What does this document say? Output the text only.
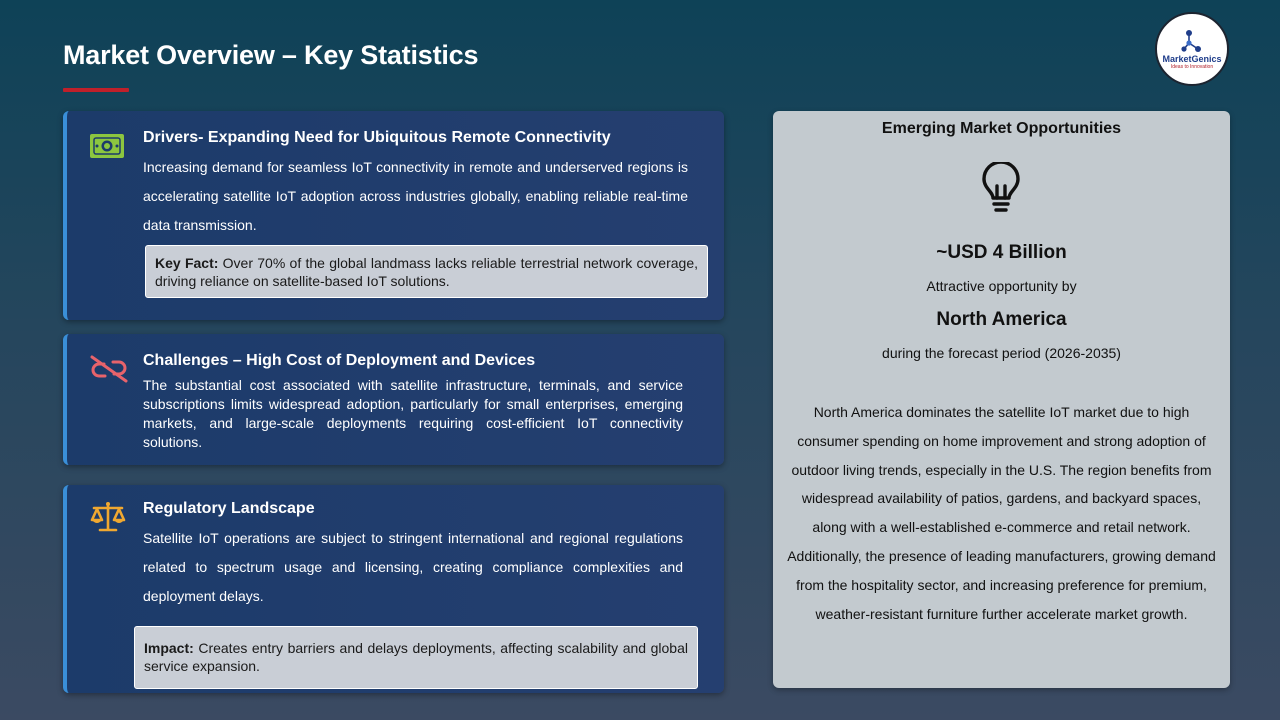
Market Overview – Key Statistics	MarketGenics
Ideas to Innovation
Drivers- Expanding Need for Ubiquitous Remote Connectivity
Increasing demand for seamless IoT connectivity in remote and underserved regions is accelerating satellite IoT adoption across industries globally, enabling reliable real-time data transmission.
Key Fact: Over 70% of the global landmass lacks reliable terrestrial network coverage, driving reliance on satellite-based IoT solutions.
Challenges – High Cost of Deployment and Devices
The substantial cost associated with satellite infrastructure, terminals, and service subscriptions limits widespread adoption, particularly for small enterprises, emerging markets, and large-scale deployments requiring cost-efficient IoT connectivity solutions.
Regulatory Landscape
Satellite IoT operations are subject to stringent international and regional regulations related to spectrum usage and licensing, creating compliance complexities and deployment delays.
Impact: Creates entry barriers and delays deployments, affecting scalability and global service expansion.
Emerging Market Opportunities
~USD 4 Billion
Attractive opportunity by
North America
during the forecast period (2026-2035)
North America dominates the satellite IoT market due to high consumer spending on home improvement and strong adoption of outdoor living trends, especially in the U.S. The region benefits from widespread availability of patios, gardens, and backyard spaces, along with a well-established e-commerce and retail network. Additionally, the presence of leading manufacturers, growing demand from the hospitality sector, and increasing preference for premium, weather-resistant furniture further accelerate market growth.
